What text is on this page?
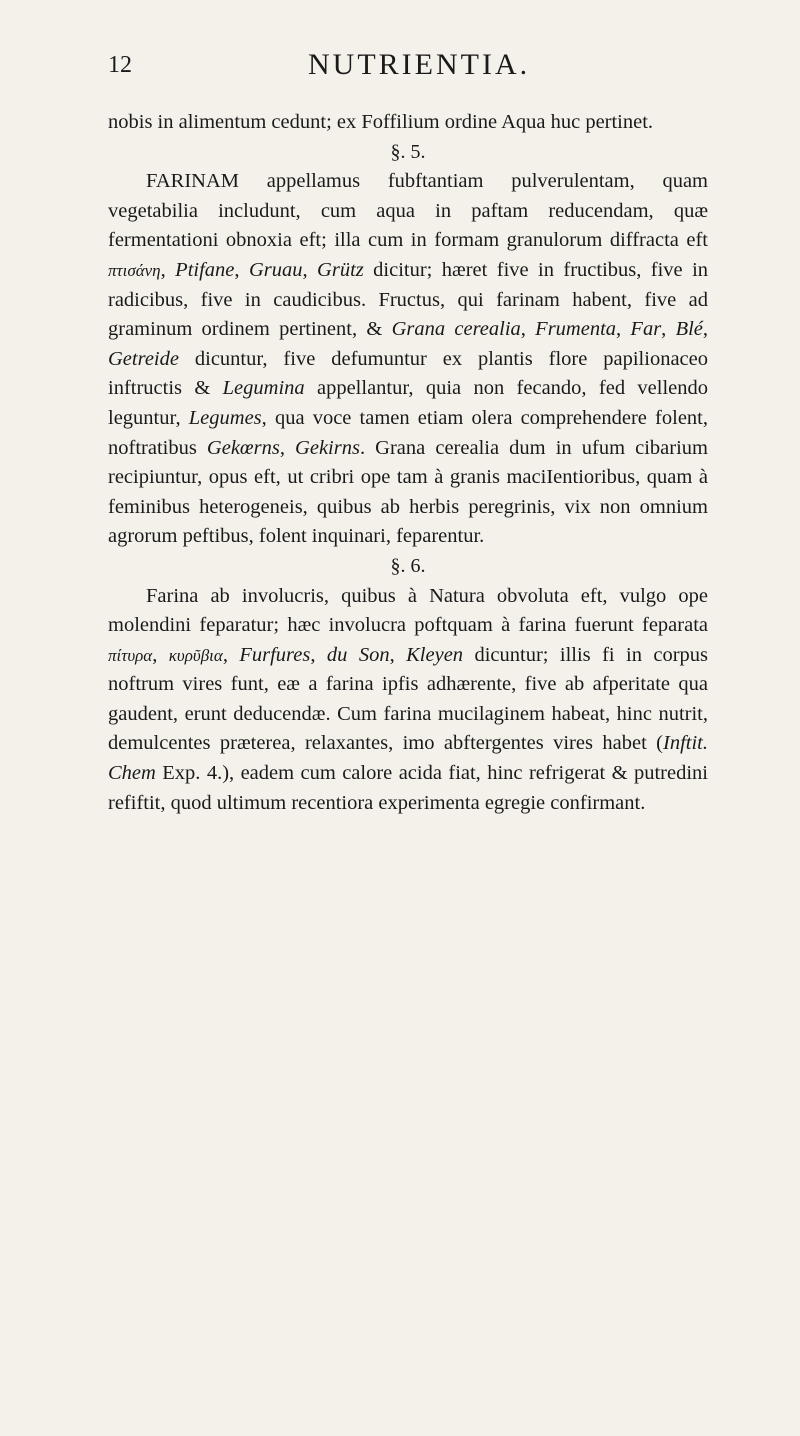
12	NUTRIENTIA.

nobis in alimentum cedunt; ex Foffilium ordine Aqua huc pertinet.

§. 5.

FARINAM appellamus fubftantiam pulverulentam, quam vegetabilia includunt, cum aqua in paftam reducendam, quæ fermentationi obnoxia eft; illa cum in formam granulorum diffracta eft πτισάνη, Ptifane, Gruau, Grütz dicitur; hæret five in fructibus, five in radicibus, five in caudicibus. Fructus, qui farinam habent, five ad graminum ordinem pertinent, & Grana cerealia, Frumenta, Far, Blé, Getreide dicuntur, five defumuntur ex plantis flore papilionaceo inftructis & Legumina appellantur, quia non fecando, fed vellendo leguntur, Legumes, qua voce tamen etiam olera comprehendere folent, noftratibus Gekœrns, Gekirns. Grana cerealia dum in ufum cibarium recipiuntur, opus eft, ut cribri ope tam à granis maciIentioribus, quam à feminibus heterogeneis, quibus ab herbis peregrinis, vix non omnium agrorum peftibus, folent inquinari, feparentur.

§. 6.

Farina ab involucris, quibus à Natura obvoluta eft, vulgo ope molendini feparatur; hæc involucra poftquam à farina fuerunt feparata πίτυρα, κυρῦβια, Furfures, du Son, Kleyen dicuntur; illis fi in corpus noftrum vires funt, eæ a farina ipfis adhærente, five ab afperitate qua gaudent, erunt deducendæ. Cum farina mucilaginem habeat, hinc nutrit, demulcentes præterea, relaxantes, imo abftergentes vires habet (Inftit. Chem Exp. 4.), eadem cum calore acida fiat, hinc refrigerat & putredini refiftit, quod ultimum recentiora experimenta egregie confirmant.
